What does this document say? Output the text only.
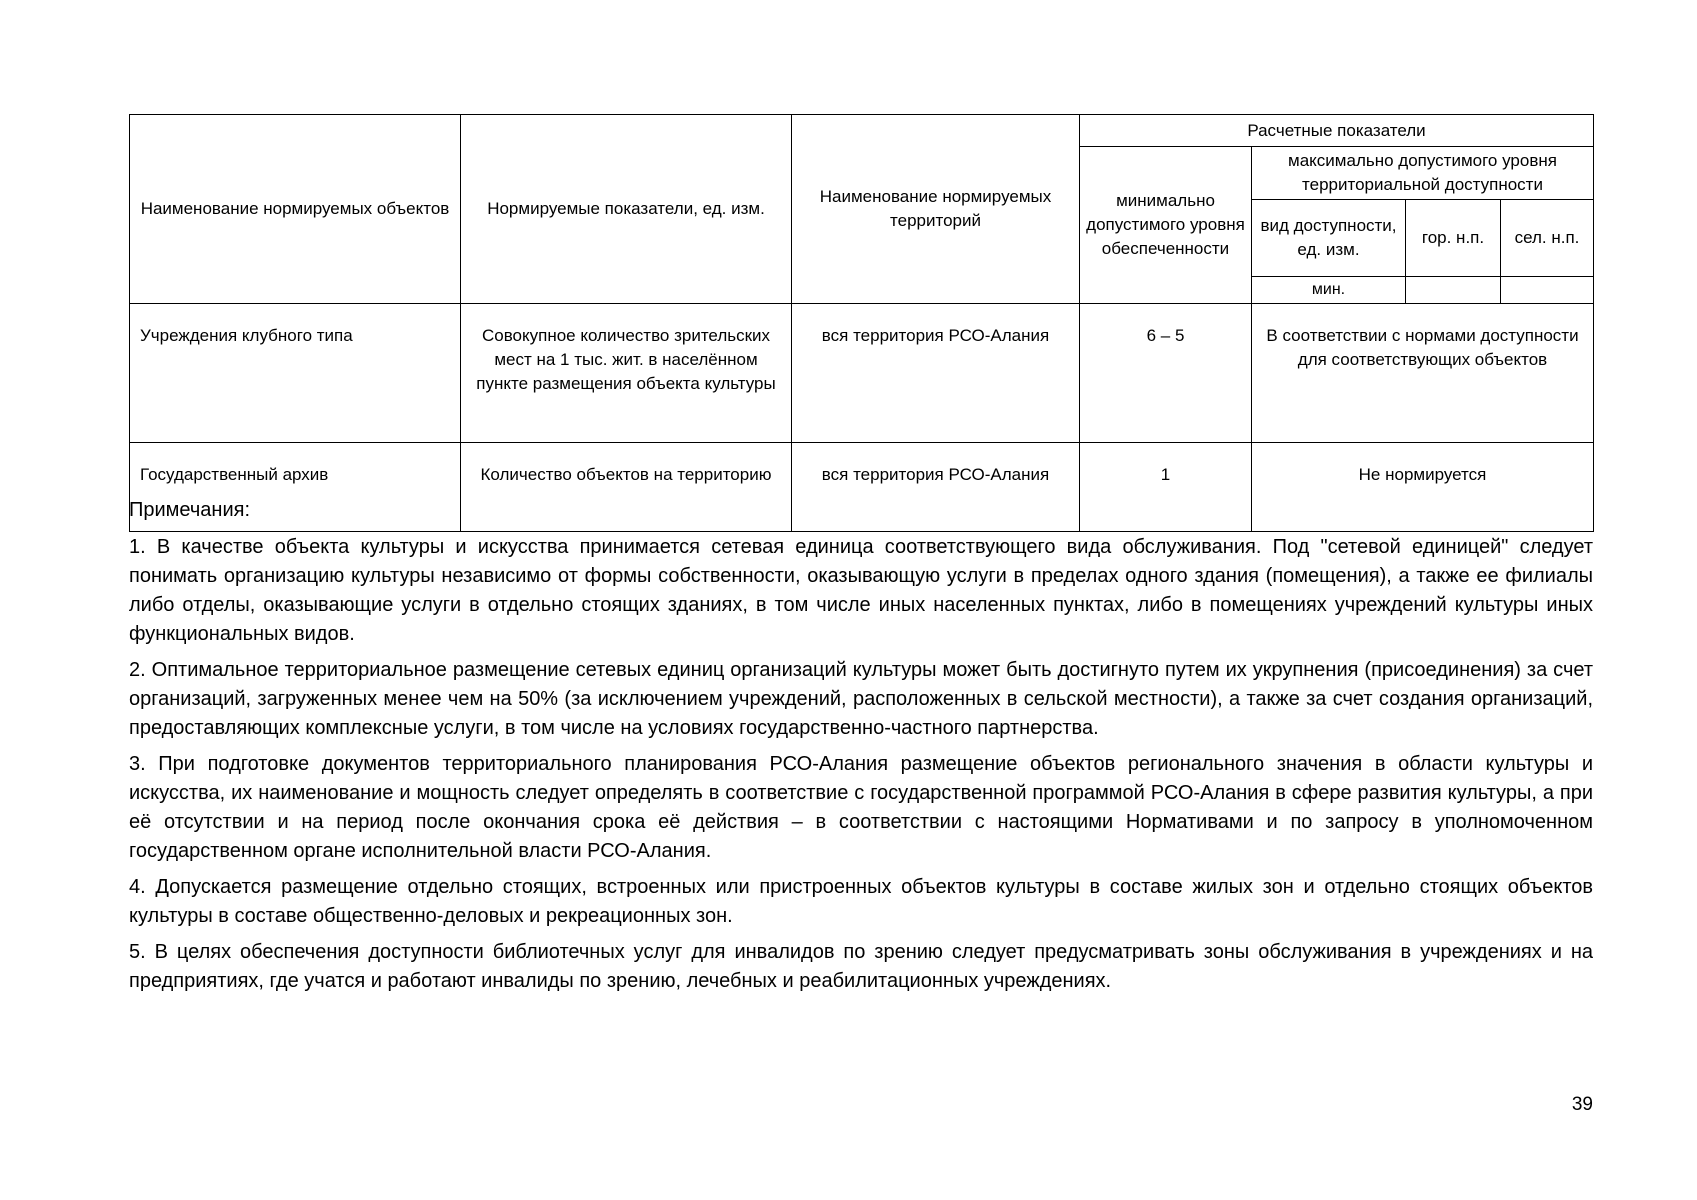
Наименование нормируемых объектов	Нормируемые показатели, ед. изм.	Наименование нормируемых территорий	Расчетные показатели			
			минимально допустимого уровня обеспеченности	максимально допустимого уровня территориальной доступности		
				вид доступности, ед. изм.	гор. н.п.	сел. н.п.
				мин.		
Учреждения клубного типа	Совокупное количество зрительских мест на 1 тыс. жит. в населённом пункте размещения объекта культуры	вся территория РСО-Алания	6 – 5	В соответствии с нормами доступности для соответствующих объектов		
Государственный архив	Количество объектов на территорию	вся территория РСО-Алания	1	Не нормируется		

Примечания:

1. В качестве объекта культуры и искусства принимается сетевая единица соответствующего вида обслуживания. Под "сетевой единицей" следует понимать организацию культуры независимо от формы собственности, оказывающую услуги в пределах одного здания (помещения), а также ее филиалы либо отделы, оказывающие услуги в отдельно стоящих зданиях, в том числе иных населенных пунктах, либо в помещениях учреждений культуры иных функциональных видов.

2. Оптимальное территориальное размещение сетевых единиц организаций культуры может быть достигнуто путем их укрупнения (присоединения) за счет организаций, загруженных менее чем на 50% (за исключением учреждений, расположенных в сельской местности), а также за счет создания организаций, предоставляющих комплексные услуги, в том числе на условиях государственно-частного партнерства.

3. При подготовке документов территориального планирования РСО-Алания размещение объектов регионального значения в области культуры и искусства, их наименование и мощность следует определять в соответствие с государственной программой РСО-Алания в сфере развития культуры, а при её отсутствии и на период после окончания срока её действия – в соответствии с настоящими Нормативами и по запросу в уполномоченном государственном органе исполнительной власти РСО-Алания.

4. Допускается размещение отдельно стоящих, встроенных или пристроенных объектов культуры в составе жилых зон и отдельно стоящих объектов культуры в составе общественно-деловых и рекреационных зон.

5. В целях обеспечения доступности библиотечных услуг для инвалидов по зрению следует предусматривать зоны обслуживания в учреждениях и на предприятиях, где учатся и работают инвалиды по зрению, лечебных и реабилитационных учреждениях.

39
